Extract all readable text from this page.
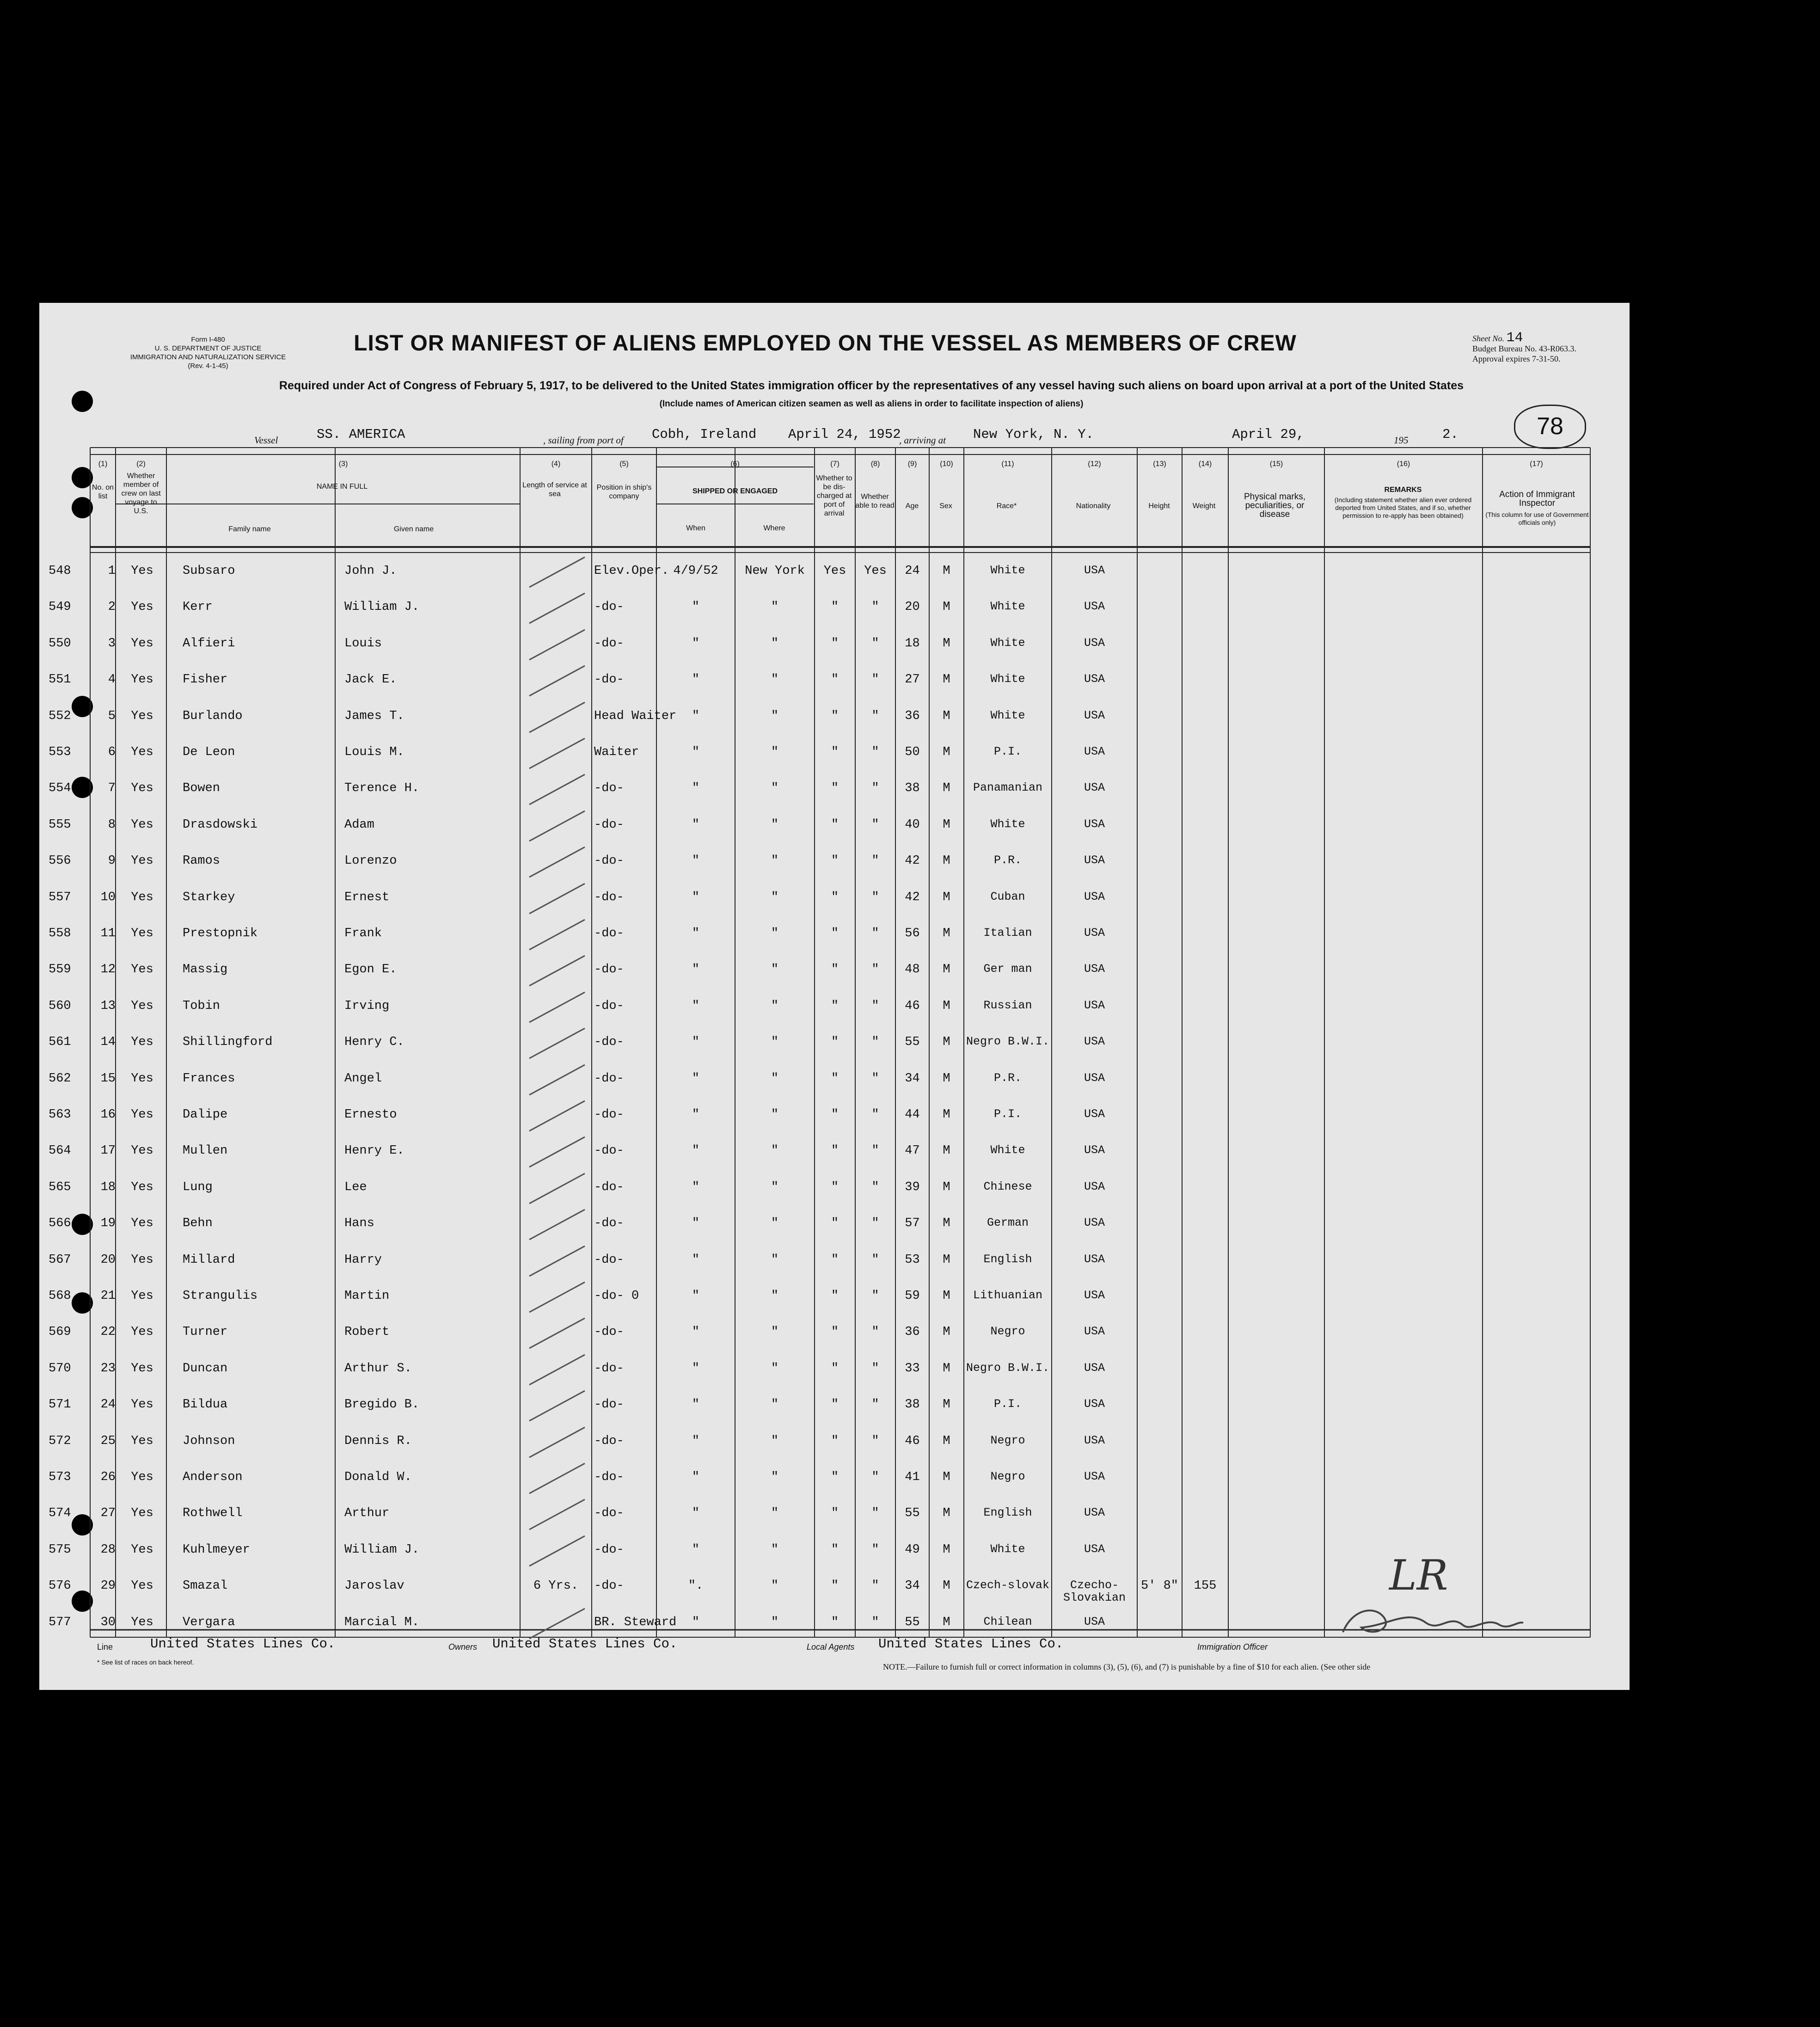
Form I-480
U. S. DEPARTMENT OF JUSTICE
IMMIGRATION AND NATURALIZATION SERVICE
(Rev. 4-1-45)
LIST OR MANIFEST OF ALIENS EMPLOYED ON THE VESSEL AS MEMBERS OF CREW	Sheet No. 14
Budget Bureau No. 43-R063.3.
Approval expires 7-31-50.
Required under Act of Congress of February 5, 1917, to be delivered to the United States immigration officer by the representatives of any vessel having such aliens on board upon arrival at a port of the United States
(Include names of American citizen seamen as well as aliens in order to facilitate inspection of aliens)
78
Vessel	SS. AMERICA	, sailing from port of Cobh, Ireland April 24, 1952
, arriving at New York, N. Y.	April 29,	195	2.
(1)	(2)	(3)	(4)	(5)	(6)	(7)	(8)	(9)	(10)	(11)	(12)	(13)	(14)	(15)	(16)	(17)
No. on list
Whether member of crew on last voyage to U.S.
NAME IN FULL
Family name	Given name
Length of service at sea
Position in ship's company
SHIPPED OR ENGAGED
When	Where
Whether to be dis-charged at port of arrival
Whether able to read	Age	Sex	Race*	Nationality	Height	Weight
Physical marks, peculiarities, or disease
REMARKS
(Including statement whether alien ever ordered deported from United States, and if so, whether permission to re-apply has been obtained)
Action of Immigrant Inspector
(This column for use of Government officials only)
548	1	Yes	Subsaro	John J.	Elev.Oper. 4/9/52	New York	Yes	Yes	24	M	White	USA
549	2	Yes	Kerr	William J.	-do-	"	"	"	"	20	M	White	USA
550	3	Yes	Alfieri	Louis	-do-	"	"	"	"	18	M	White	USA
551	4	Yes	Fisher	Jack E.	-do-	"	"	"	"	27	M	White	USA
552	5	Yes	Burlando	James T.	Head Waiter	"	"	"	"	36	M	White	USA
553	6	Yes	De Leon	Louis M.	Waiter	"	"	"	"	50	M	P.I.	USA
554	7	Yes	Bowen	Terence H.	-do-	"	"	"	"	38	M	Panamanian	USA
555	8	Yes	Drasdowski	Adam	-do-	"	"	"	"	40	M	White	USA
556	9	Yes	Ramos	Lorenzo	-do-	"	"	"	"	42	M	P.R.	USA
557	10	Yes	Starkey	Ernest	-do-	"	"	"	"	42	M	Cuban	USA
558	11	Yes	Prestopnik	Frank	-do-	"	"	"	"	56	M	Italian	USA
559	12	Yes	Massig	Egon E.	-do-	"	"	"	"	48	M	Ger man	USA
560	13	Yes	Tobin	Irving	-do-	"	"	"	"	46	M	Russian	USA
561	14	Yes	Shillingford	Henry C.	-do-	"	"	"	"	55	M	Negro B.W.I.	USA
562	15	Yes	Frances	Angel	-do-	"	"	"	"	34	M	P.R.	USA
563	16	Yes	Dalipe	Ernesto	-do-	"	"	"	"	44	M	P.I.	USA
564	17	Yes	Mullen	Henry E.	-do-	"	"	"	"	47	M	White	USA
565	18	Yes	Lung	Lee	-do-	"	"	"	"	39	M	Chinese	USA
566	19	Yes	Behn	Hans	-do-	"	"	"	"	57	M	German	USA
567	20	Yes	Millard	Harry	-do-	"	"	"	"	53	M	English	USA
568	21	Yes	Strangulis	Martin	-do- 0	"	"	"	"	59	M	Lithuanian	USA
569	22	Yes	Turner	Robert	-do-	"	"	"	"	36	M	Negro	USA
570	23	Yes	Duncan	Arthur S.	-do-	"	"	"	"	33	M	Negro B.W.I.	USA
571	24	Yes	Bildua	Bregido B.	-do-	"	"	"	"	38	M	P.I.	USA
572	25	Yes	Johnson	Dennis R.	-do-	"	"	"	"	46	M	Negro	USA
573	26	Yes	Anderson	Donald W.	-do-	"	"	"	"	41	M	Negro	USA
574	27	Yes	Rothwell	Arthur	-do-	"	"	"	"	55	M	English	USA
575	28	Yes	Kuhlmeyer	William J.	-do-	"	"	"	"	49	M	White	USA
576	29	Yes	Smazal	Jaroslav	6 Yrs.	-do-	".	"	"	"	34	M	Czech-slovak	Czecho-Slovakian
5' 8"	155
577	30	Yes	Vergara	Marcial M.	BR. Steward	"	"	"	"	55	M	Chilean	USA
Line	United States Lines Co.	Owners United States Lines Co.	Local Agents United States Lines Co.	Immigration Officer
* See list of races on back hereof.	NOTE.—Failure to furnish full or correct information in columns (3), (5), (6), and (7) is punishable by a fine of $10 for each alien. (See other side
LR
